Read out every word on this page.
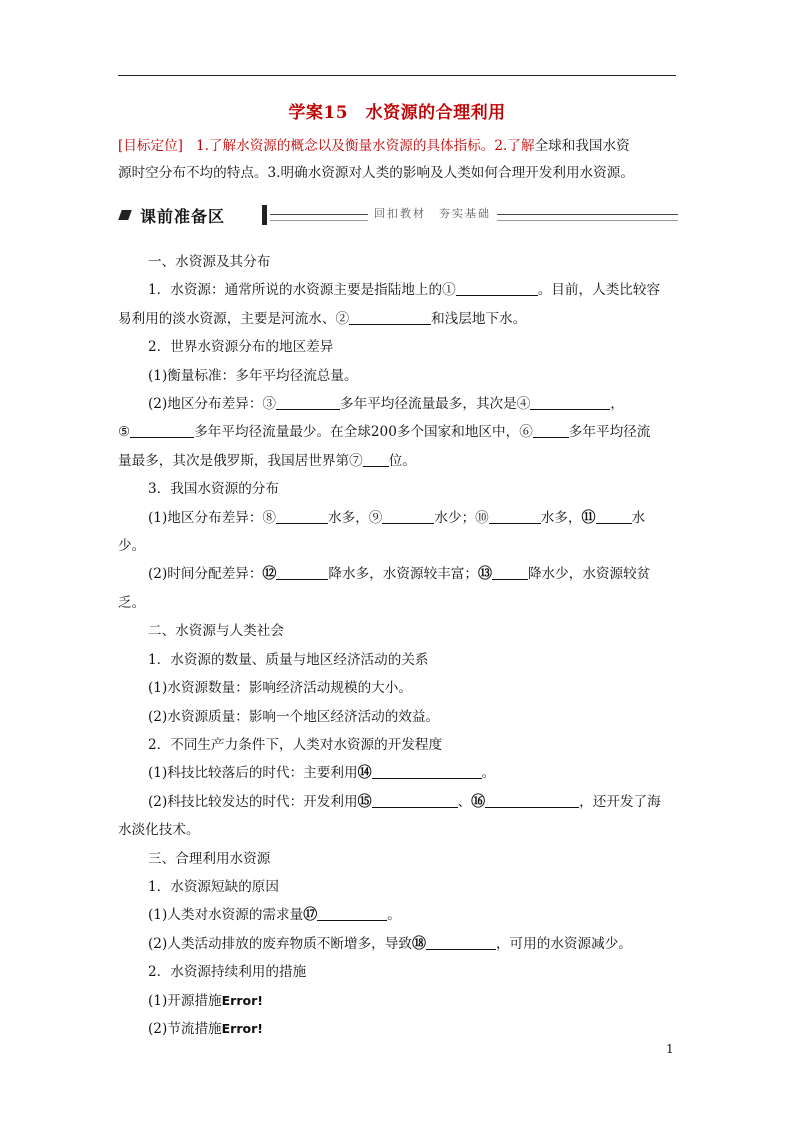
学案15　水资源的合理利用
[目标定位] 1.了解水资源的概念以及衡量水资源的具体指标。2.了解全球和我国水资
源时空分布不均的特点。3.明确水资源对人类的影响及人类如何合理开发利用水资源。
课前准备区	回扣教材　夯实基础
一、水资源及其分布
1．水资源：通常所说的水资源主要是指陆地上的①	。目前，人类比较容
易利用的淡水资源，主要是河流水、②	和浅层地下水。
2．世界水资源分布的地区差异
(1)衡量标准：多年平均径流总量。
(2)地区分布差异：③	多年平均径流量最多，其次是④	，
⑤	多年平均径流量最少。在全球200多个国家和地区中，⑥	多年平均径流
量最多，其次是俄罗斯，我国居世界第⑦ 位。
3．我国水资源的分布
(1)地区分布差异：⑧	水多，⑨	水少；⑩	水多，⑪	水
少。
(2)时间分配差异：⑫	降水多，水资源较丰富；⑬	降水少，水资源较贫
乏。
二、水资源与人类社会
1．水资源的数量、质量与地区经济活动的关系
(1)水资源数量：影响经济活动规模的大小。
(2)水资源质量：影响一个地区经济活动的效益。
2．不同生产力条件下，人类对水资源的开发程度
(1)科技比较落后的时代：主要利用⑭	。
(2)科技比较发达的时代：开发利用⑮	、⑯	，还开发了海
水淡化技术。
三、合理利用水资源
1．水资源短缺的原因
(1)人类对水资源的需求量⑰	。
(2)人类活动排放的废弃物质不断增多，导致⑱	，可用的水资源减少。
2．水资源持续利用的措施
(1)开源措施Error!
(2)节流措施Error!
1
